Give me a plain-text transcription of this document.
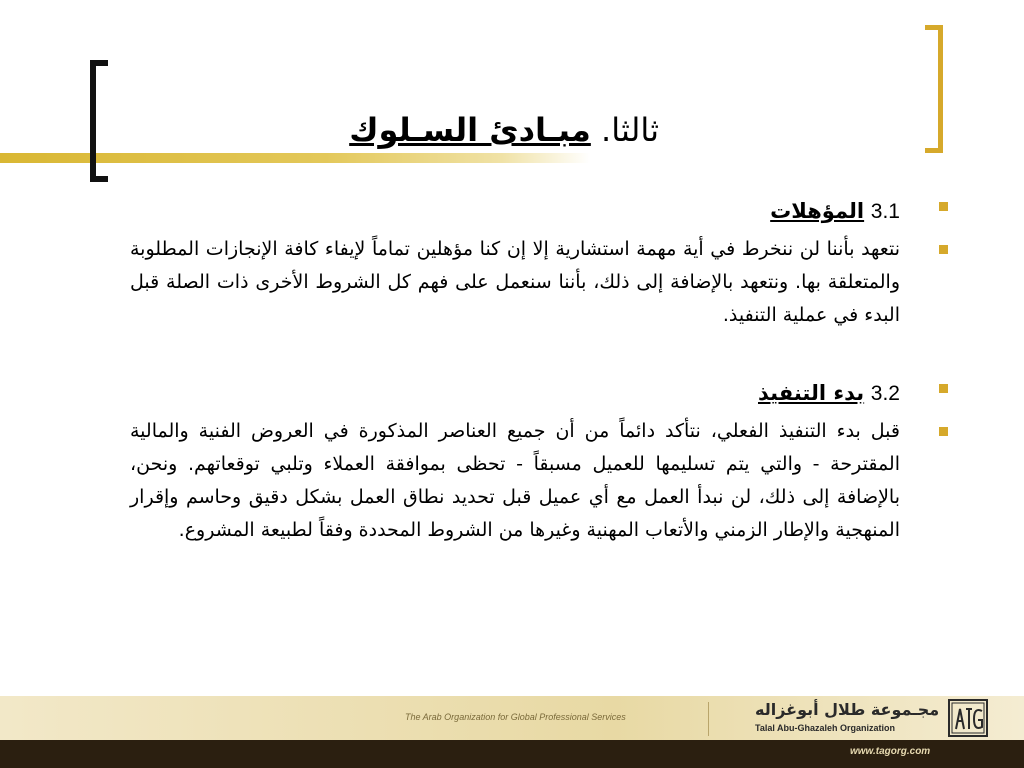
ثالثا. مبـادئ السـلوك

3.1 المؤهلات

نتعهد بأننا لن ننخرط في أية مهمة استشارية إلا إن كنا مؤهلين تماماً لإيفاء كافة الإنجازات المطلوبة والمتعلقة بها. ونتعهد بالإضافة إلى ذلك، بأننا سنعمل على فهم كل الشروط الأخرى ذات الصلة قبل البدء في عملية التنفيذ.

3.2 بدء التنفيذ

قبل بدء التنفيذ الفعلي، نتأكد دائماً من أن جميع العناصر المذكورة في العروض الفنية والمالية المقترحة - والتي يتم تسليمها للعميل مسبقاً - تحظى بموافقة العملاء وتلبي توقعاتهم. ونحن، بالإضافة إلى ذلك، لن نبدأ العمل مع أي عميل قبل تحديد نطاق العمل بشكل دقيق وحاسم وإقرار المنهجية والإطار الزمني والأتعاب المهنية وغيرها من الشروط المحددة وفقاً لطبيعة المشروع.

The Arab Organization for Global Professional Services	مجـموعة طلال أبوغزاله
Talal Abu-Ghazaleh Organization
www.tagorg.com
